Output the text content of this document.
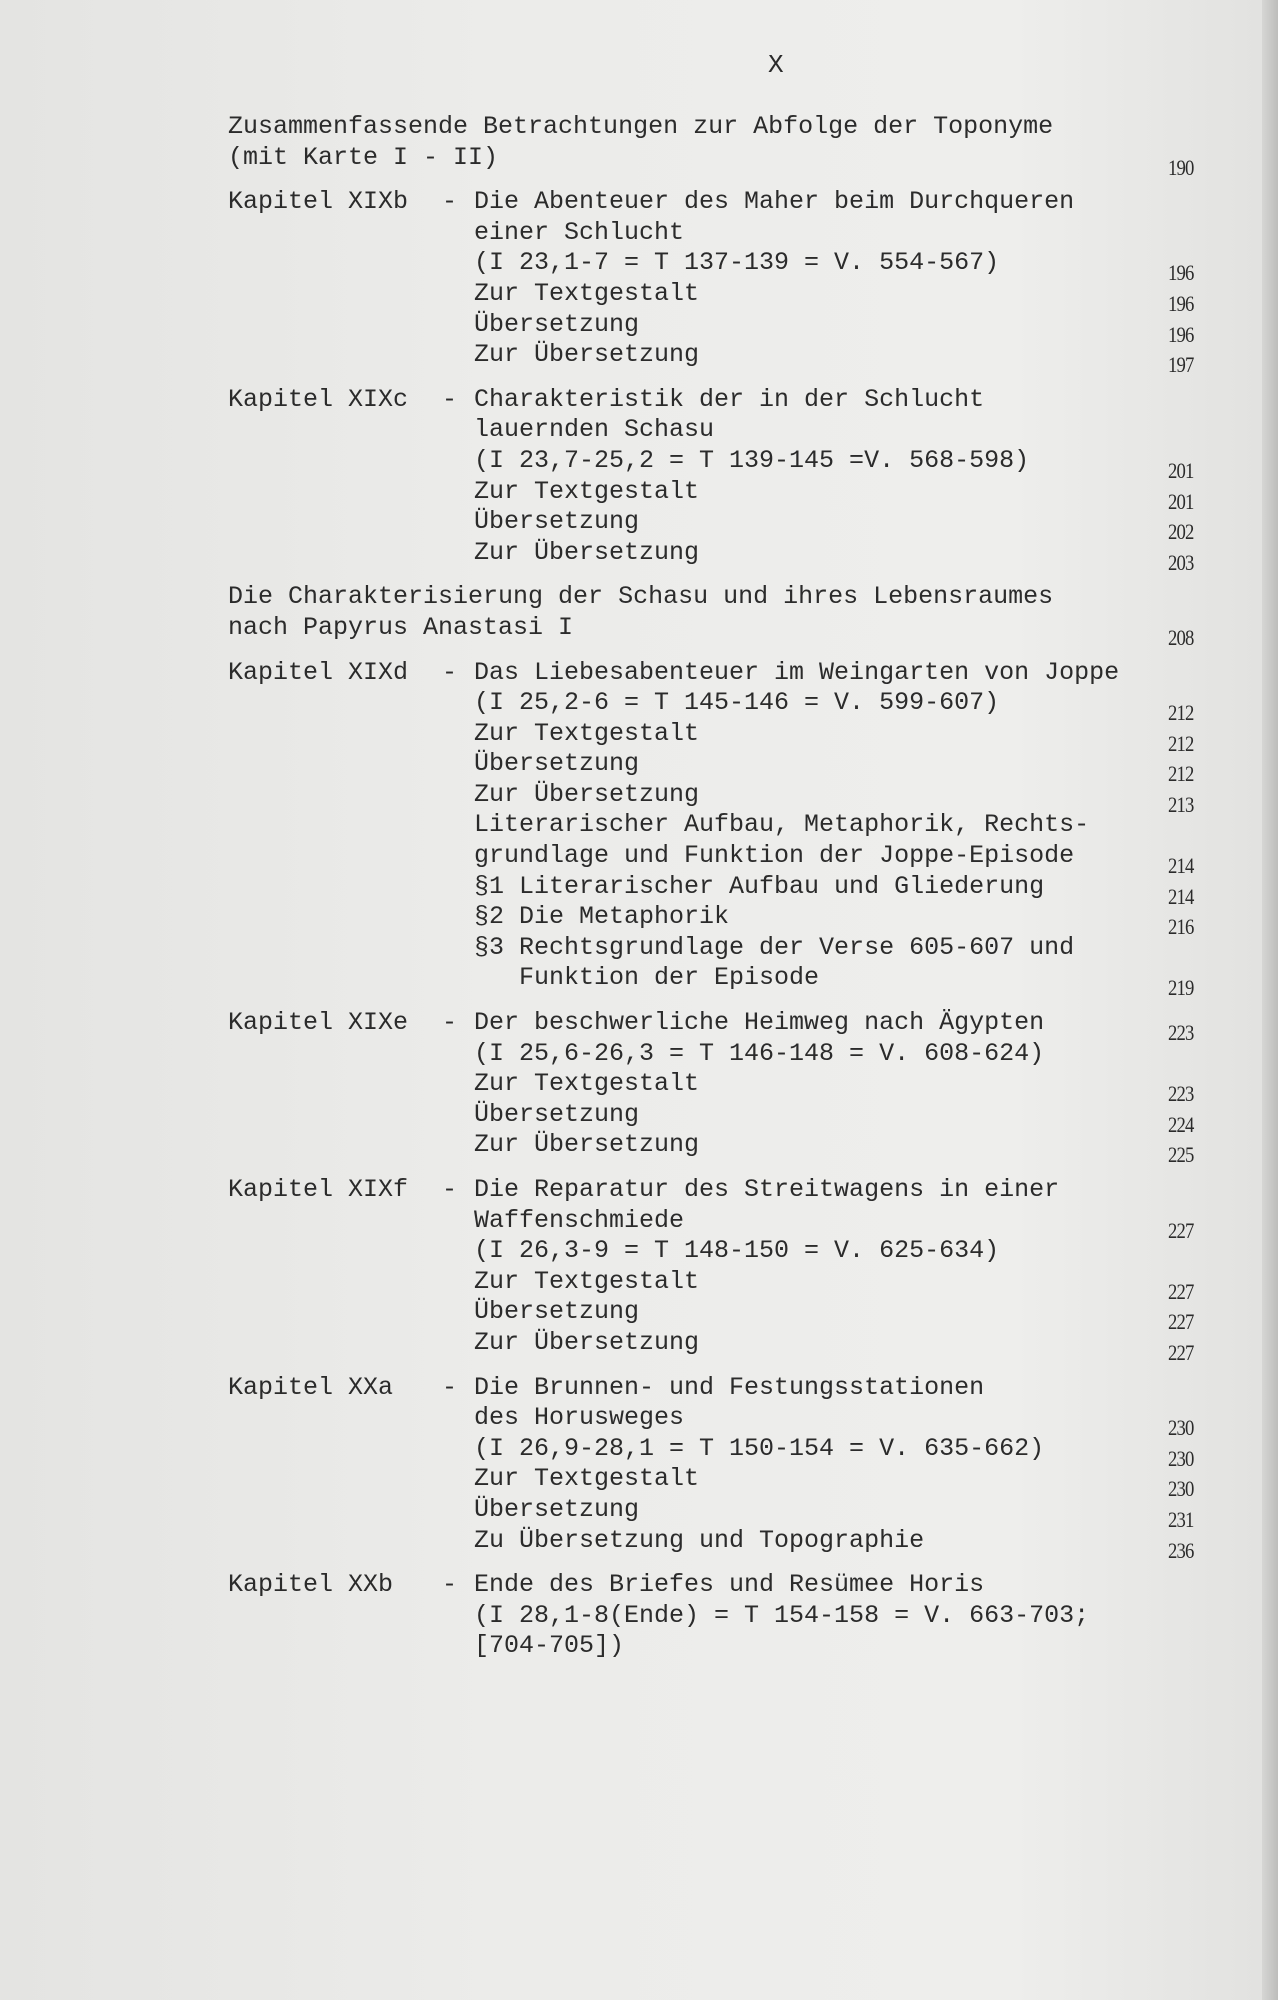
X
Zusammenfassende Betrachtungen zur Abfolge der Toponyme
(mit Karte I - II)	190
Kapitel XIXb - Die Abenteuer des Maher beim Durchqueren
einer Schlucht
(I 23,1-7 = T 137-139 = V. 554-567)	196
Zur Textgestalt	196
Übersetzung	196
Zur Übersetzung	197
Kapitel XIXc - Charakteristik der in der Schlucht
lauernden Schasu
(I 23,7-25,2 = T 139-145 =V. 568-598)	201
Zur Textgestalt	201
Übersetzung	202
Zur Übersetzung	203
Die Charakterisierung der Schasu und ihres Lebensraumes
nach Papyrus Anastasi I	208
Kapitel XIXd - Das Liebesabenteuer im Weingarten von Joppe
(I 25,2-6 = T 145-146 = V. 599-607)	212
Zur Textgestalt	212
Übersetzung	212
Zur Übersetzung	213
Literarischer Aufbau, Metaphorik, Rechts-
grundlage und Funktion der Joppe-Episode	214
§1 Literarischer Aufbau und Gliederung	214
§2 Die Metaphorik	216
§3 Rechtsgrundlage der Verse 605-607 und
Funktion der Episode	219
Kapitel XIXe - Der beschwerliche Heimweg nach Ägypten	223
(I 25,6-26,3 = T 146-148 = V. 608-624)
Zur Textgestalt	223
Übersetzung	224
Zur Übersetzung	225
Kapitel XIXf - Die Reparatur des Streitwagens in einer
Waffenschmiede	227
(I 26,3-9 = T 148-150 = V. 625-634)
Zur Textgestalt	227
Übersetzung	227
Zur Übersetzung	227
Kapitel XXa - Die Brunnen- und Festungsstationen
des Horusweges	230
(I 26,9-28,1 = T 150-154 = V. 635-662)	230
Zur Textgestalt	230
Übersetzung	231
Zu Übersetzung und Topographie	236
Kapitel XXb - Ende des Briefes und Resümee Horis
(I 28,1-8(Ende) = T 154-158 = V. 663-703;
[704-705])
